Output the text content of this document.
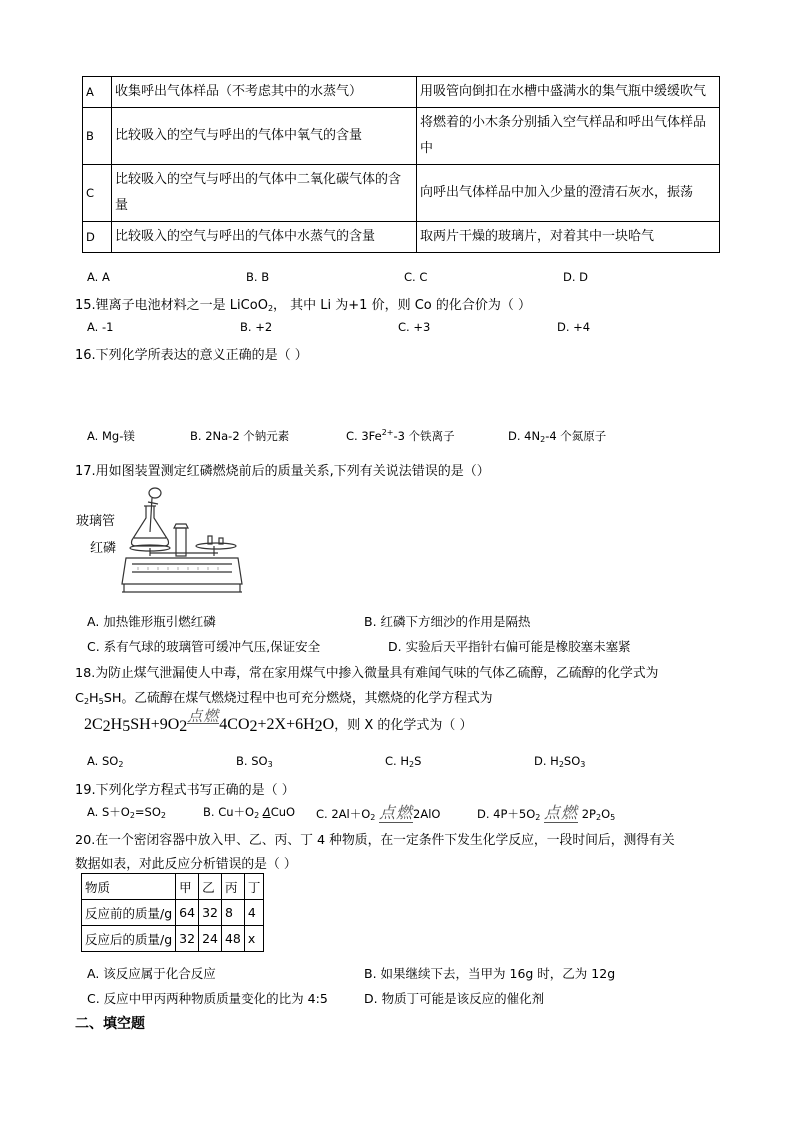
A	收集呼出气体样品（不考虑其中的水蒸气）	用吸管向倒扣在水槽中盛满水的集气瓶中缓缓吹气
B	比较吸入的空气与呼出的气体中氧气的含量	将燃着的小木条分别插入空气样品和呼出气体样品中
C	比较吸入的空气与呼出的气体中二氧化碳气体的含量	向呼出气体样品中加入少量的澄清石灰水，振荡
D	比较吸入的空气与呼出的气体中水蒸气的含量	取两片干燥的玻璃片，对着其中一块哈气
A. A	B. B	C. C	D. D
15.锂离子电池材料之一是 LiCoO$_2$， 其中 Li 为+1 价，则 Co 的化合价为（ ）
A. -1	B. +2	C. +3	D. +4
16.下列化学所表达的意义正确的是（ ）
A. Mg-镁	B. 2Na-2 个钠元素	C. $3Fe^{2+}-3$ 个铁离子	D. $4N_2-4$ 个氮原子
17.用如图装置测定红磷燃烧前后的质量关系,下列有关说法错误的是（）
玻璃管
红磷
A. 加热锥形瓶引燃红磷	B. 红磷下方细沙的作用是隔热
C. 系有气球的玻璃管可缓冲气压,保证安全	D. 实验后天平指针右偏可能是橡胶塞未塞紧
18.为防止煤气泄漏使人中毒，常在家用煤气中掺入微量具有难闻气味的气体乙硫醇，乙硫醇的化学式为
$C_2H_5SH$。乙硫醇在煤气燃烧过程中也可充分燃烧，其燃烧的化学方程式为
2C2H5SH+9O2点燃4CO2+2X+6H2O，则 X 的化学式为（ ）
A. $SO_2$	B. $SO_3$	C. $H_2S$	D. $H_2SO_3$
19.下列化学方程式书写正确的是（ ）
A. $S+O_2=SO_2$	B. $Cu+O_2$ ΔCuO C. $2Al+O_2$ 点燃2AlO	D. $4P+5O_2$ 点燃 $2P_2O_5$
20.在一个密闭容器中放入甲、乙、丙、丁 4 种物质，在一定条件下发生化学反应，一段时间后，测得有关
数据如表，对此反应分析错误的是（ ）
物质	甲	乙	丙	丁
反应前的质量/g	64	32	8	4
反应后的质量/g	32	24	48	x
A. 该反应属于化合反应	B. 如果继续下去，当甲为 16g 时，乙为 12g
C. 反应中甲丙两种物质质量变化的比为 4:5	D. 物质丁可能是该反应的催化剂
二、填空题
